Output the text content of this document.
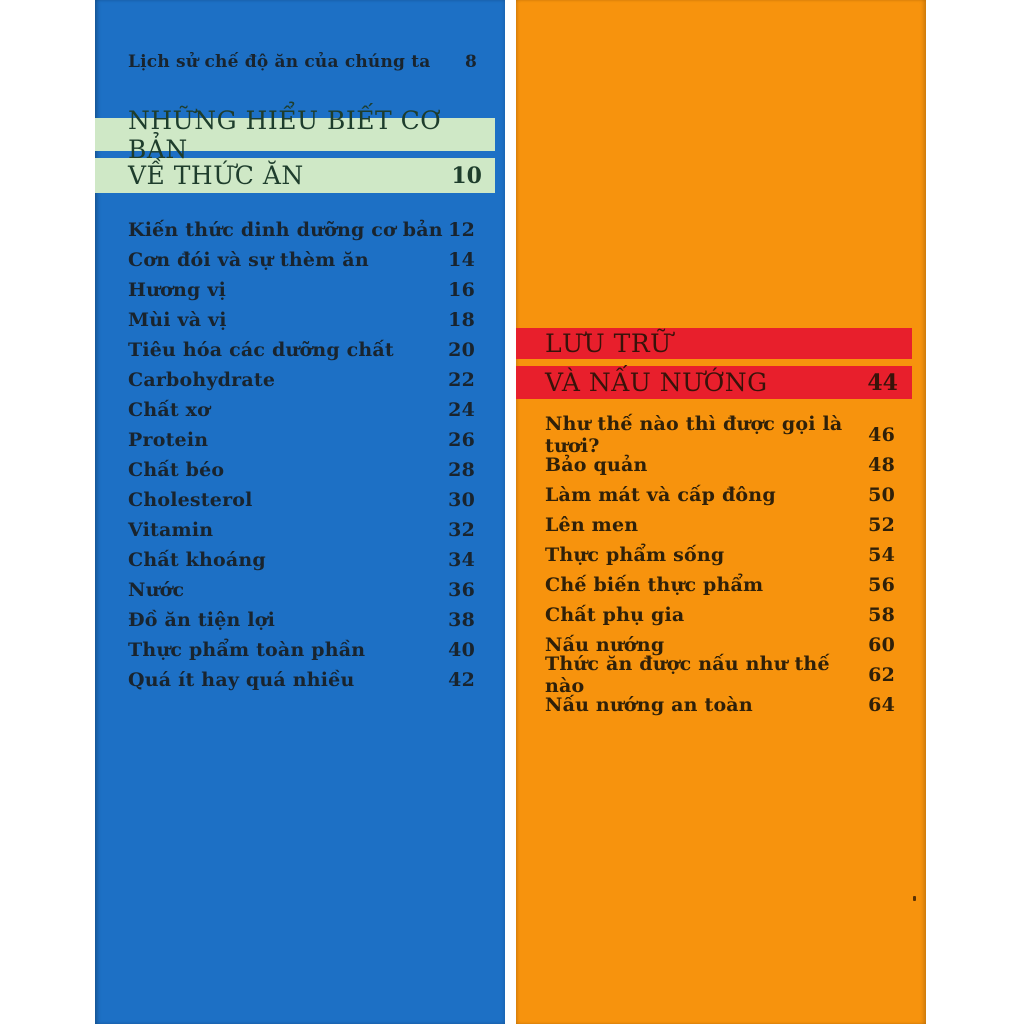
Lịch sử chế độ ăn của chúng ta 8
NHỮNG HIỂU BIẾT CƠ BẢN
VỀ THỨC ĂN	10
Kiến thức dinh dưỡng cơ bản 12
Cơn đói và sự thèm ăn	14
Hương vị	16
Mùi và vị	18
Tiêu hóa các dưỡng chất	20
Carbohydrate	22
Chất xơ	24
Protein	26
Chất béo	28
Cholesterol	30
Vitamin	32
Chất khoáng	34
Nước	36
Đồ ăn tiện lợi	38
Thực phẩm toàn phần	40
Quá ít hay quá nhiều	42
LƯU TRỮ
VÀ NẤU NƯỚNG	44
Như thế nào thì được gọi là tươi?	46
Bảo quản	48
Làm mát và cấp đông	50
Lên men	52
Thực phẩm sống	54
Chế biến thực phẩm	56
Chất phụ gia	58
Nấu nướng	60
Thức ăn được nấu như thế nào	62
Nấu nướng an toàn	64
